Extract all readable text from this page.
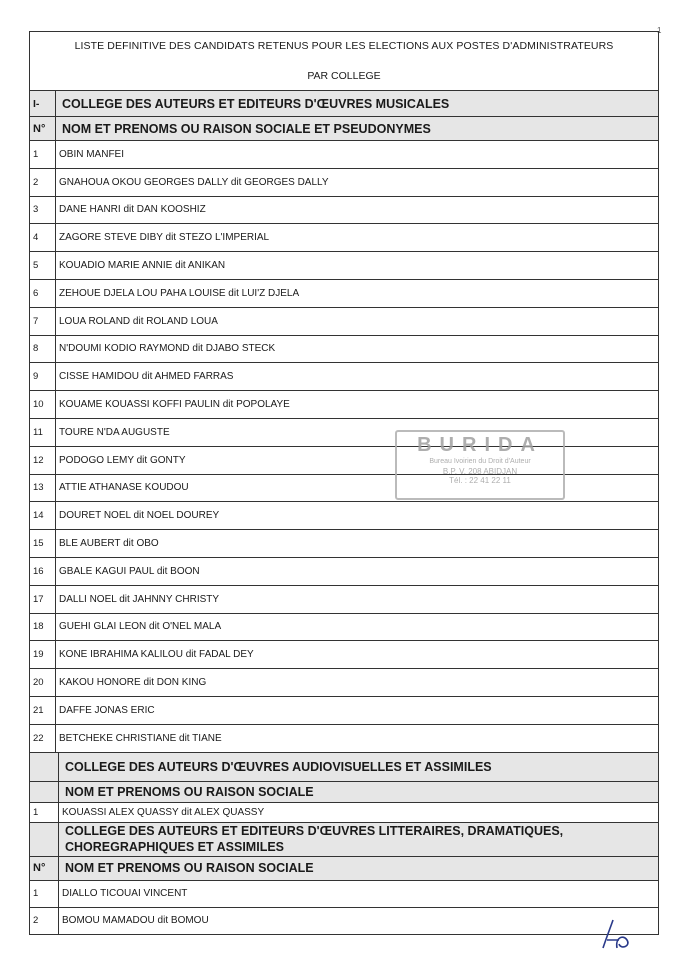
1
LISTE DEFINITIVE DES CANDIDATS RETENUS POUR LES ELECTIONS AUX POSTES D'ADMINISTRATEURS
PAR COLLEGE
I-	COLLEGE DES AUTEURS ET EDITEURS D'ŒUVRES MUSICALES
N°	NOM ET PRENOMS OU RAISON SOCIALE ET PSEUDONYMES
1	OBIN MANFEI
2	GNAHOUA OKOU GEORGES DALLY dit GEORGES DALLY
3	DANE HANRI dit DAN KOOSHIZ
4	ZAGORE STEVE DIBY dit STEZO L'IMPERIAL
5	KOUADIO MARIE ANNIE dit ANIKAN
6	ZEHOUE DJELA LOU PAHA LOUISE dit LUI'Z DJELA
7	LOUA ROLAND dit ROLAND LOUA
8	N'DOUMI KODIO RAYMOND dit DJABO STECK
9	CISSE HAMIDOU dit AHMED FARRAS
10	KOUAME KOUASSI KOFFI PAULIN dit POPOLAYE
11	TOURE N'DA AUGUSTE
12	PODOGO LEMY dit GONTY
13	ATTIE ATHANASE KOUDOU
14	DOURET NOEL dit NOEL DOUREY
15	BLE AUBERT dit OBO
16	GBALE KAGUI PAUL dit BOON
17	DALLI NOEL dit JAHNNY CHRISTY
18	GUEHI GLAI LEON dit O'NEL MALA
19	KONE IBRAHIMA KALILOU dit FADAL DEY
20	KAKOU HONORE dit DON KING
21	DAFFE JONAS ERIC
22	BETCHEKE CHRISTIANE dit TIANE
COLLEGE DES AUTEURS D'ŒUVRES AUDIOVISUELLES ET ASSIMILES
NOM ET PRENOMS OU RAISON SOCIALE
1	KOUASSI ALEX QUASSY dit ALEX QUASSY
COLLEGE DES AUTEURS ET EDITEURS D'ŒUVRES LITTERAIRES, DRAMATIQUES,
CHOREGRAPHIQUES ET ASSIMILES
N°	NOM ET PRENOMS OU RAISON SOCIALE
1	DIALLO TICOUAI VINCENT
2	BOMOU MAMADOU dit BOMOU
BURIDA
Bureau Ivoirien du Droit d'Auteur
B.P. V. 208 ABIDJAN
Tél. : 22 41 22 11
